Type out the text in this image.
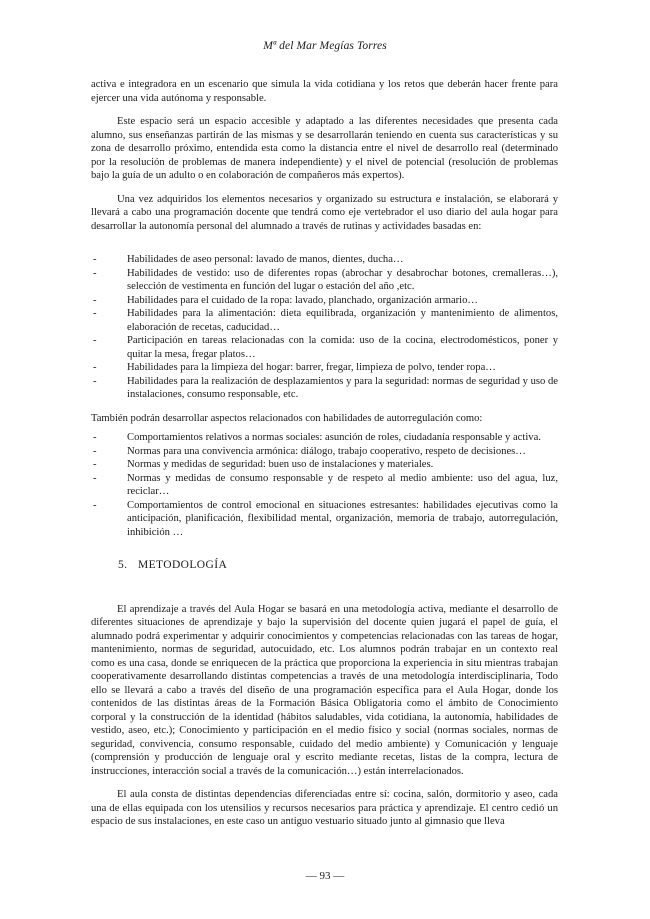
Mª del Mar Megías Torres

activa e integradora en un escenario que simula la vida cotidiana y los retos que deberán hacer frente para ejercer una vida autónoma y responsable.

Este espacio será un espacio accesible y adaptado a las diferentes necesidades que presenta cada alumno, sus enseñanzas partirán de las mismas y se desarrollarán teniendo en cuenta sus características y su zona de desarrollo próximo, entendida esta como la distancia entre el nivel de desarrollo real (determinado por la resolución de problemas de manera independiente) y el nivel de potencial (resolución de problemas bajo la guía de un adulto o en colaboración de compañeros más expertos).

Una vez adquiridos los elementos necesarios y organizado su estructura e instalación, se elaborará y llevará a cabo una programación docente que tendrá como eje vertebrador el uso diario del aula hogar para desarrollar la autonomía personal del alumnado a través de rutinas y actividades basadas en:

-	Habilidades de aseo personal: lavado de manos, dientes, ducha…
-	Habilidades de vestido: uso de diferentes ropas (abrochar y desabrochar botones, cremalleras…), selección de vestimenta en función del lugar o estación del año ,etc.
-	Habilidades para el cuidado de la ropa: lavado, planchado, organización armario…
-	Habilidades para la alimentación: dieta equilibrada, organización y mantenimiento de alimentos, elaboración de recetas, caducidad…
-	Participación en tareas relacionadas con la comida: uso de la cocina, electrodomésticos, poner y quitar la mesa, fregar platos…
-	Habilidades para la limpieza del hogar: barrer, fregar, limpieza de polvo, tender ropa…
-	Habilidades para la realización de desplazamientos y para la seguridad: normas de seguridad y uso de instalaciones, consumo responsable, etc.

También podrán desarrollar aspectos relacionados con habilidades de autorregulación como:

-	Comportamientos relativos a normas sociales: asunción de roles, ciudadanía responsable y activa.
-	Normas para una convivencia armónica: diálogo, trabajo cooperativo, respeto de decisiones…
-	Normas y medidas de seguridad: buen uso de instalaciones y materiales.
-	Normas y medidas de consumo responsable y de respeto al medio ambiente: uso del agua, luz, reciclar…
-	Comportamientos de control emocional en situaciones estresantes: habilidades ejecutivas como la anticipación, planificación, flexibilidad mental, organización, memoria de trabajo, autorregulación, inhibición …
5. METODOLOGÍA

El aprendizaje a través del Aula Hogar se basará en una metodología activa, mediante el desarrollo de diferentes situaciones de aprendizaje y bajo la supervisión del docente quien jugará el papel de guía, el alumnado podrá experimentar y adquirir conocimientos y competencias relacionadas con las tareas de hogar, mantenimiento, normas de seguridad, autocuidado, etc. Los alumnos podrán trabajar en un contexto real como es una casa, donde se enriquecen de la práctica que proporciona la experiencia in situ mientras trabajan cooperativamente desarrollando distintas competencias a través de una metodología interdisciplinaria, Todo ello se llevará a cabo a través del diseño de una programación específica para el Aula Hogar, donde los contenidos de las distintas áreas de la Formación Básica Obligatoria como el ámbito de Conocimiento corporal y la construcción de la identidad (hábitos saludables, vida cotidiana, la autonomía, habilidades de vestido, aseo, etc.); Conocimiento y participación en el medio físico y social (normas sociales, normas de seguridad, convivencia, consumo responsable, cuidado del medio ambiente) y Comunicación y lenguaje (comprensión y producción de lenguaje oral y escrito mediante recetas, listas de la compra, lectura de instrucciones, interacción social a través de la comunicación…) están interrelacionados.

El aula consta de distintas dependencias diferenciadas entre sí: cocina, salón, dormitorio y aseo, cada una de ellas equipada con los utensilios y recursos necesarios para práctica y aprendizaje. El centro cedió un espacio de sus instalaciones, en este caso un antiguo vestuario situado junto al gimnasio que lleva

— 93 —
